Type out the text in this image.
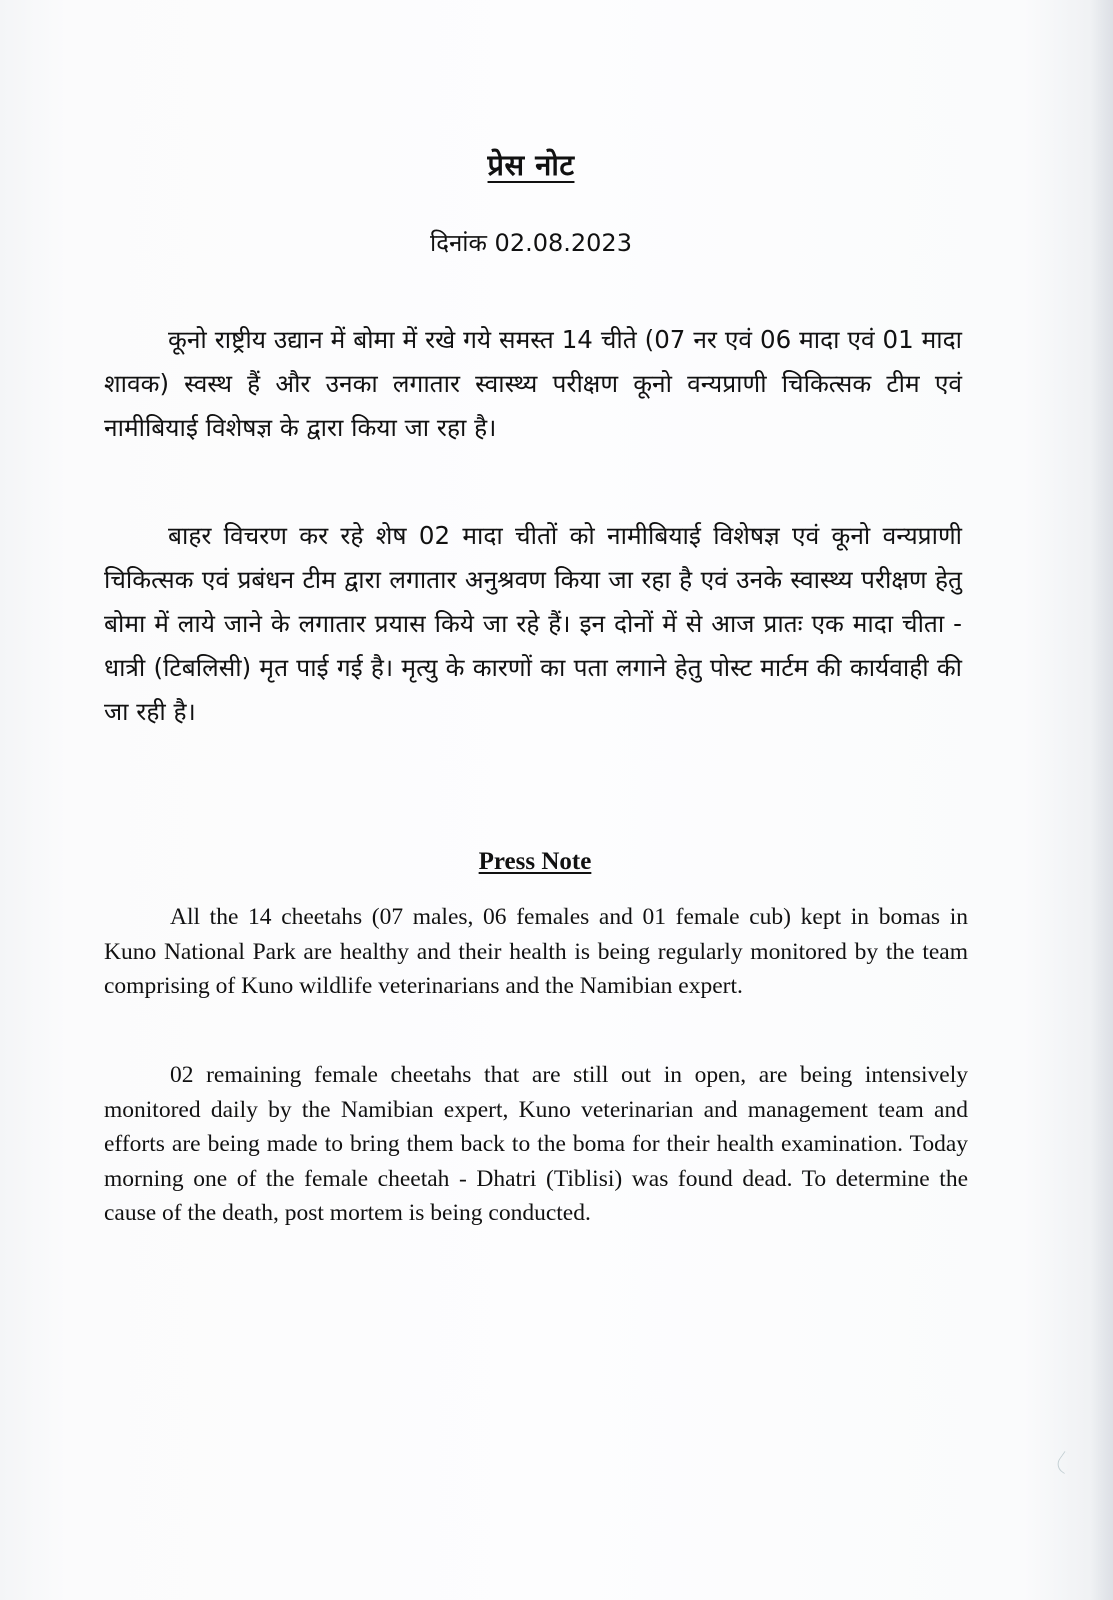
प्रेस नोट
दिनांक 02.08.2023

कूनो राष्ट्रीय उद्यान में बोमा में रखे गये समस्त 14 चीते (07 नर एवं 06 मादा एवं 01 मादा शावक) स्वस्थ हैं और उनका लगातार स्वास्थ्य परीक्षण कूनो वन्यप्राणी चिकित्सक टीम एवं नामीबियाई विशेषज्ञ के द्वारा किया जा रहा है।

बाहर विचरण कर रहे शेष 02 मादा चीतों को नामीबियाई विशेषज्ञ एवं कूनो वन्यप्राणी चिकित्सक एवं प्रबंधन टीम द्वारा लगातार अनुश्रवण किया जा रहा है एवं उनके स्वास्थ्य परीक्षण हेतु बोमा में लाये जाने के लगातार प्रयास किये जा रहे हैं। इन दोनों में से आज प्रातः एक मादा चीता - धात्री (टिबलिसी) मृत पाई गई है। मृत्यु के कारणों का पता लगाने हेतु पोस्ट मार्टम की कार्यवाही की जा रही है।

Press Note

All the 14 cheetahs (07 males, 06 females and 01 female cub) kept in bomas in Kuno National Park are healthy and their health is being regularly monitored by the team comprising of Kuno wildlife veterinarians and the Namibian expert.

02 remaining female cheetahs that are still out in open, are being intensively monitored daily by the Namibian expert, Kuno veterinarian and management team and efforts are being made to bring them back to the boma for their health examination. Today morning one of the female cheetah - Dhatri (Tiblisi) was found dead. To determine the cause of the death, post mortem is being conducted.
